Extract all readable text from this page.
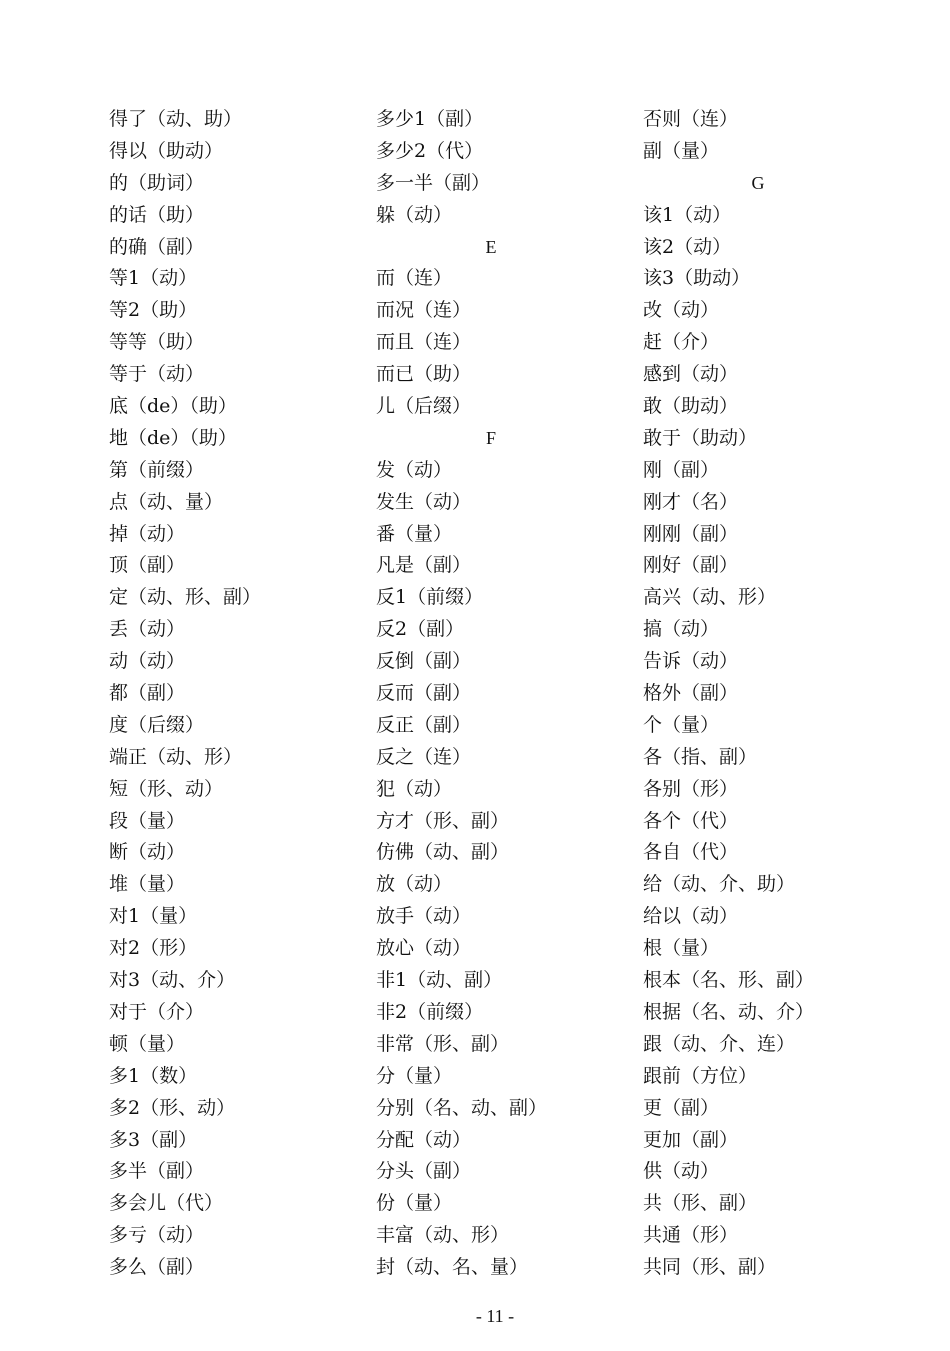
得了（动、助）
得以（助动）
的（助词）
的话（助）
的确（副）
等1（动）
等2（助）
等等（助）
等于（动）
底（de）（助）
地（de）（助）
第（前缀）
点（动、量）
掉（动）
顶（副）
定（动、形、副）
丢（动）
动（动）
都（副）
度（后缀）
端正（动、形）
短（形、动）
段（量）
断（动）
堆（量）
对1（量）
对2（形）
对3（动、介）
对于（介）
顿（量）
多1（数）
多2（形、动）
多3（副）
多半（副）
多会儿（代）
多亏（动）
多么（副）
多少1（副）
多少2（代）
多一半（副）
躲（动）
E
而（连）
而况（连）
而且（连）
而已（助）
儿（后缀）
F
发（动）
发生（动）
番（量）
凡是（副）
反1（前缀）
反2（副）
反倒（副）
反而（副）
反正（副）
反之（连）
犯（动）
方才（形、副）
仿佛（动、副）
放（动）
放手（动）
放心（动）
非1（动、副）
非2（前缀）
非常（形、副）
分（量）
分别（名、动、副）
分配（动）
分头（副）
份（量）
丰富（动、形）
封（动、名、量）
否则（连）
副（量）
G
该1（动）
该2（动）
该3（助动）
改（动）
赶（介）
感到（动）
敢（助动）
敢于（助动）
刚（副）
刚才（名）
刚刚（副）
刚好（副）
高兴（动、形）
搞（动）
告诉（动）
格外（副）
个（量）
各（指、副）
各别（形）
各个（代）
各自（代）
给（动、介、助）
给以（动）
根（量）
根本（名、形、副）
根据（名、动、介）
跟（动、介、连）
跟前（方位）
更（副）
更加（副）
供（动）
共（形、副）
共通（形）
共同（形、副）
- 11 -
